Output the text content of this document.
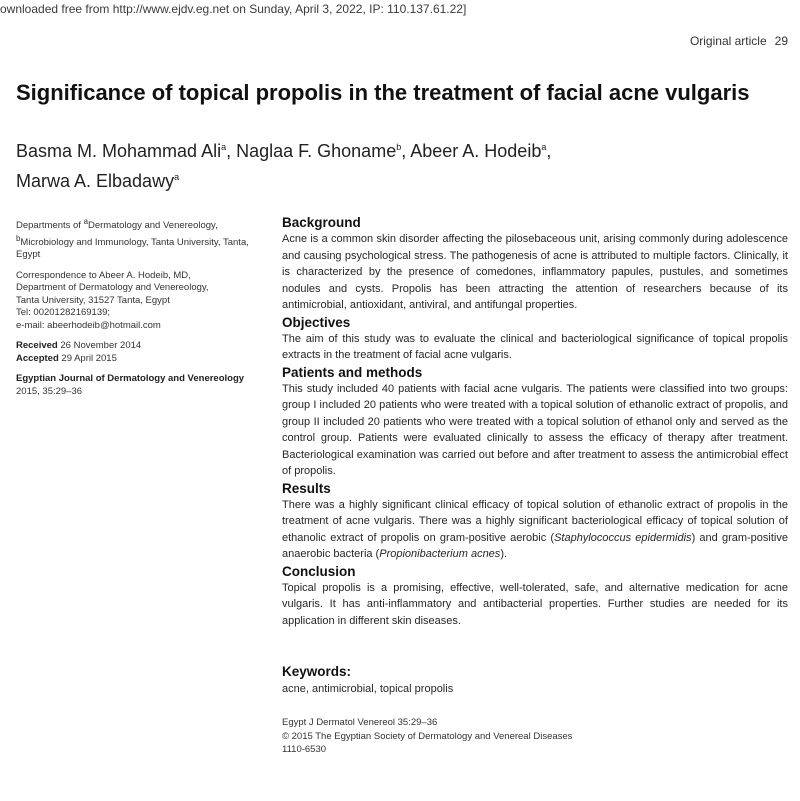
ownloaded free from http://www.ejdv.eg.net on Sunday, April 3, 2022, IP: 110.137.61.22]
Original article 29
Significance of topical propolis in the treatment of facial acne vulgaris
Basma M. Mohammad Ali$^a$, Naglaa F. Ghoname$^b$, Abeer A. Hodeib$^a$,
Marwa A. Elbadawy$^a$
Departments of $^a$Dermatology and Venereology, $^b$Microbiology and Immunology, Tanta University, Tanta, Egypt
Correspondence to Abeer A. Hodeib, MD,
Department of Dermatology and Venereology,
Tanta University, 31527 Tanta, Egypt
Tel: 00201282169139;
e-mail: abeerhodeib@hotmail.com
Received 26 November 2014
Accepted 29 April 2015
Egyptian Journal of Dermatology and Venereology 2015, 35:29–36
Background

Acne is a common skin disorder affecting the pilosebaceous unit, arising commonly during adolescence and causing psychological stress. The pathogenesis of acne is attributed to multiple factors. Clinically, it is characterized by the presence of comedones, inflammatory papules, pustules, and sometimes nodules and cysts. Propolis has been attracting the attention of researchers because of its antimicrobial, antioxidant, antiviral, and antifungal properties.

Objectives

The aim of this study was to evaluate the clinical and bacteriological significance of topical propolis extracts in the treatment of facial acne vulgaris.

Patients and methods

This study included 40 patients with facial acne vulgaris. The patients were classified into two groups: group I included 20 patients who were treated with a topical solution of ethanolic extract of propolis, and group II included 20 patients who were treated with a topical solution of ethanol only and served as the control group. Patients were evaluated clinically to assess the efficacy of therapy after treatment. Bacteriological examination was carried out before and after treatment to assess the antimicrobial effect of propolis.

Results

There was a highly significant clinical efficacy of topical solution of ethanolic extract of propolis in the treatment of acne vulgaris. There was a highly significant bacteriological efficacy of topical solution of ethanolic extract of propolis on gram-positive aerobic (Staphylococcus epidermidis) and gram-positive anaerobic bacteria (Propionibacterium acnes).

Conclusion

Topical propolis is a promising, effective, well-tolerated, safe, and alternative medication for acne vulgaris. It has anti-inflammatory and antibacterial properties. Further studies are needed for its application in different skin diseases.

Keywords:

acne, antimicrobial, topical propolis

Egypt J Dermatol Venereol 35:29–36
© 2015 The Egyptian Society of Dermatology and Venereal Diseases
1110-6530
